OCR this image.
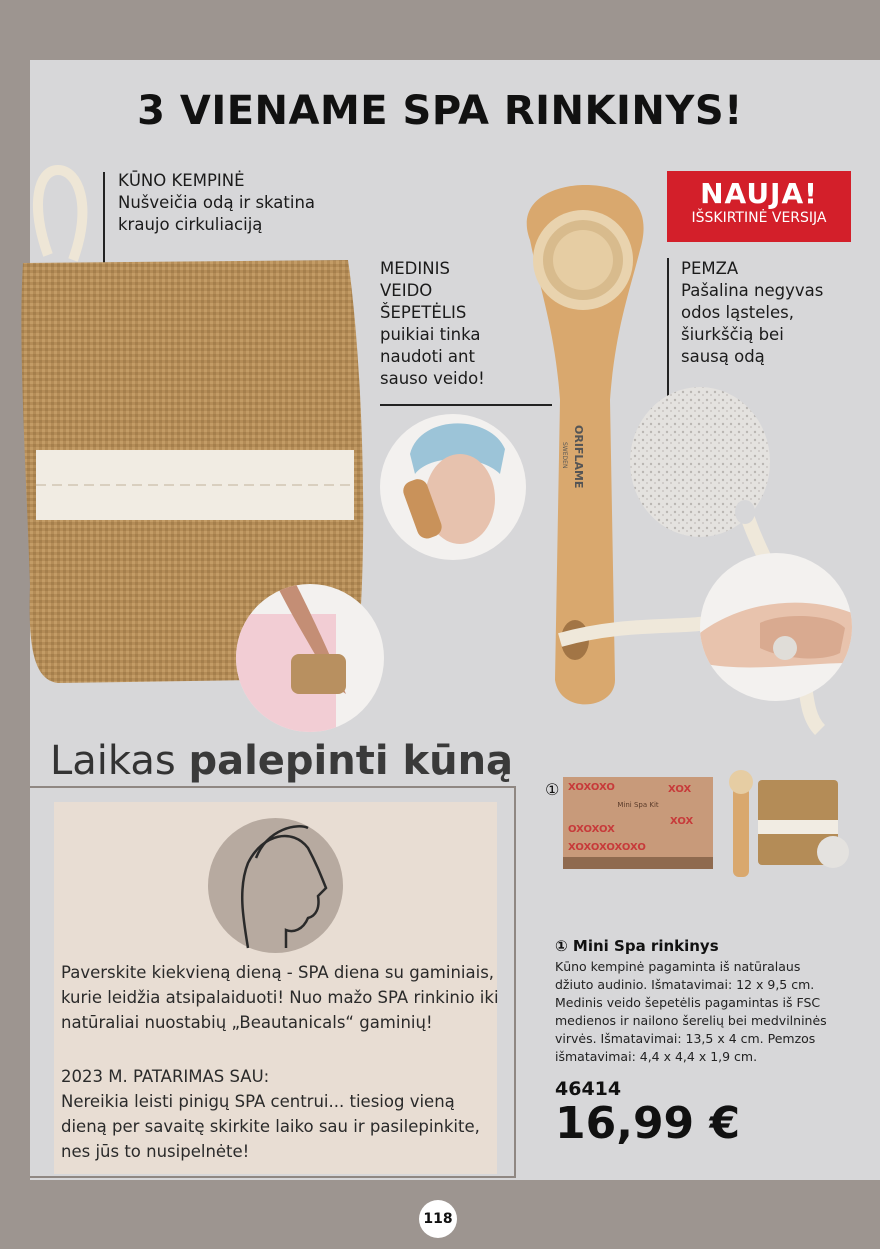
3 VIENAME SPA RINKINYS!
KŪNO KEMPINĖ
Nušveičia odą ir skatina
kraujo cirkuliaciją
MEDINIS
VEIDO
ŠEPETĖLIS
puikiai tinka
naudoti ant
sauso veido!
ORIFLAME
SWEDEN
NAUJA!
IŠSKIRTINĖ VERSIJA
PEMZA
Pašalina negyvas
odos ląsteles,
šiurkščią bei
sausą odą
Laikas palepinti kūną
Paverskite kiekvieną dieną - SPA diena su gaminiais,
kurie leidžia atsipalaiduoti! Nuo mažo SPA rinkinio iki
natūraliai nuostabių „Beautanicals“ gaminių!
2023 M. PATARIMAS SAU:
Nereikia leisti pinigų SPA centrui... tiesiog vieną
dieną per savaitę skirkite laiko sau ir pasilepinkite,
nes jūs to nusipelnėte!
①
Mini Spa Kit
XOXOXO
OXOXOX
XOXOXOXOXO
XOX
XOX
① Mini Spa rinkinys
Kūno kempinė pagaminta iš natūralaus
džiuto audinio. Išmatavimai: 12 x 9,5 cm.
Medinis veido šepetėlis pagamintas iš FSC
medienos ir nailono šerelių bei medvilninės
virvės. Išmatavimai: 13,5 x 4 cm. Pemzos
išmatavimai: 4,4 x 4,4 x 1,9 cm.
46414
16,99 €
118
